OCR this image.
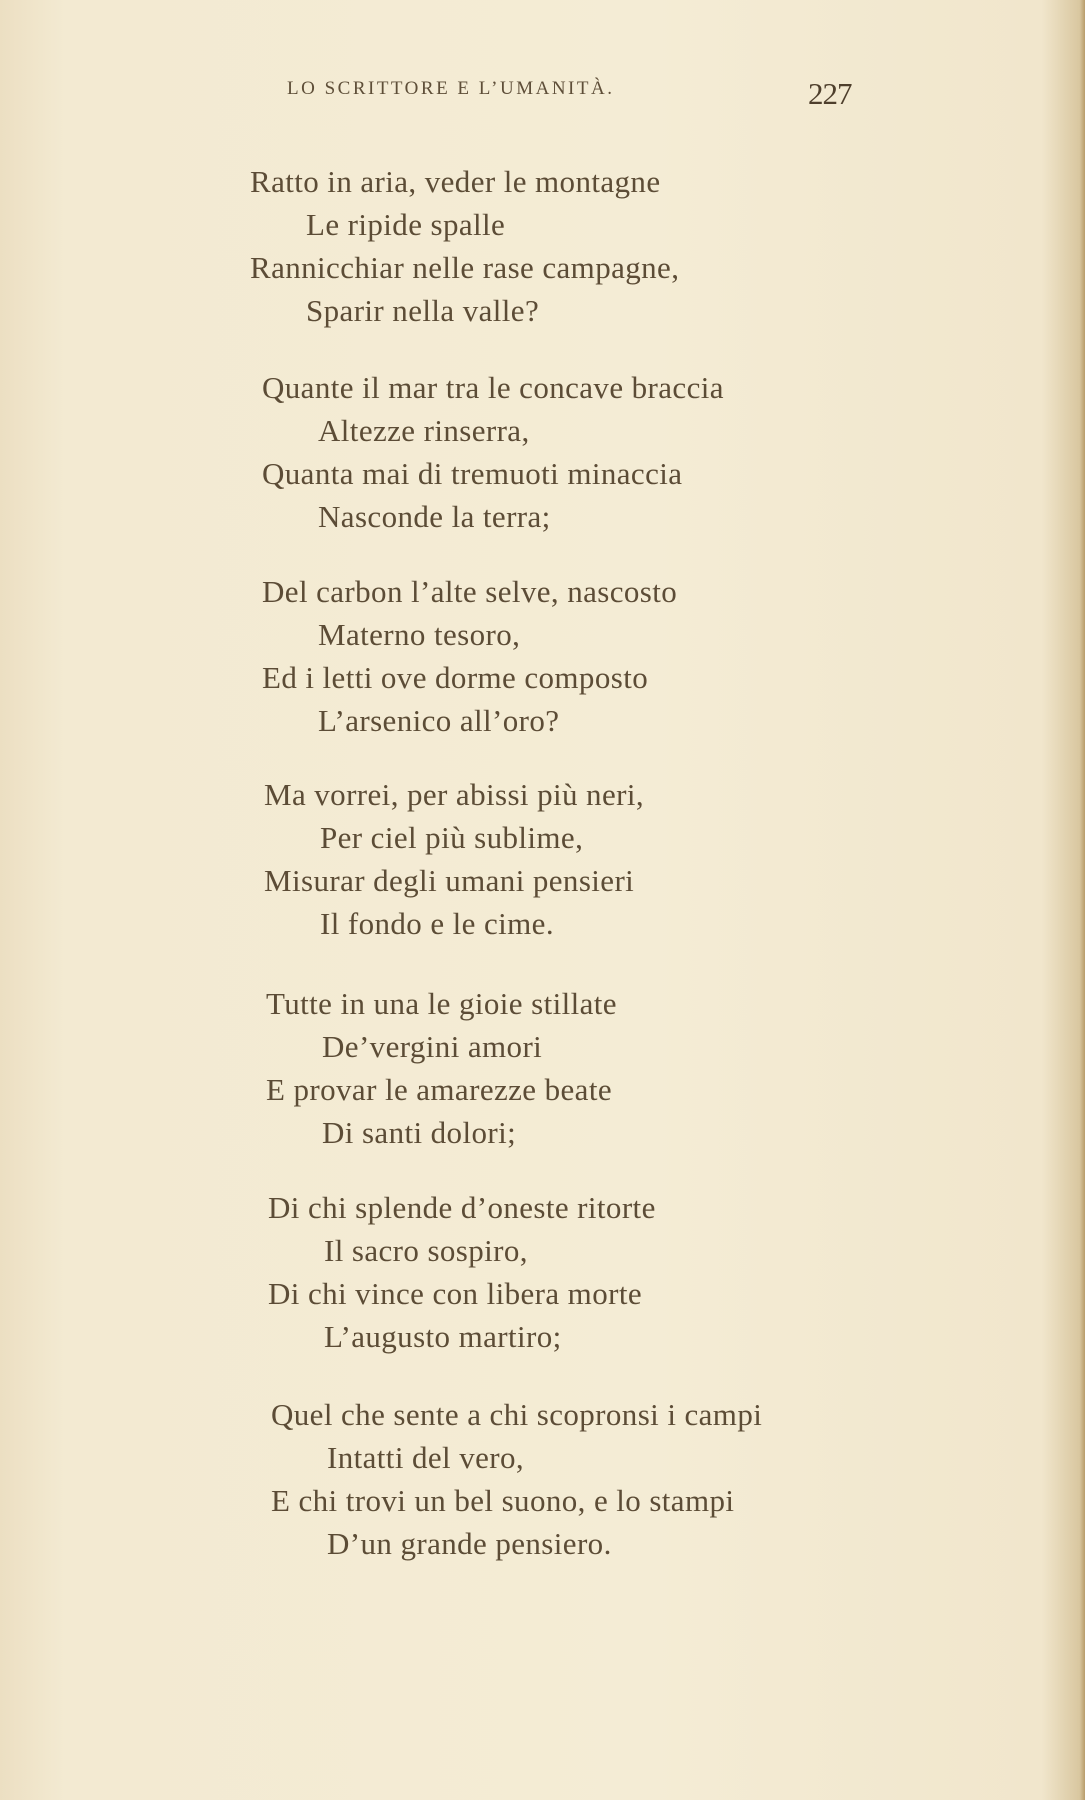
LO SCRITTORE E L’UMANITÀ.	227
Ratto in aria, veder le montagne
Le ripide spalle
Rannicchiar nelle rase campagne,
Sparir nella valle?
Quante il mar tra le concave braccia
Altezze rinserra,
Quanta mai di tremuoti minaccia
Nasconde la terra;
Del carbon l’alte selve, nascosto
Materno tesoro,
Ed i letti ove dorme composto
L’arsenico all’oro?
Ma vorrei, per abissi più neri,
Per ciel più sublime,
Misurar degli umani pensieri
Il fondo e le cime.
Tutte in una le gioie stillate
De’vergini amori
E provar le amarezze beate
Di santi dolori;
Di chi splende d’oneste ritorte
Il sacro sospiro,
Di chi vince con libera morte
L’augusto martiro;
Quel che sente a chi scopronsi i campi
Intatti del vero,
E chi trovi un bel suono, e lo stampi
D’un grande pensiero.
